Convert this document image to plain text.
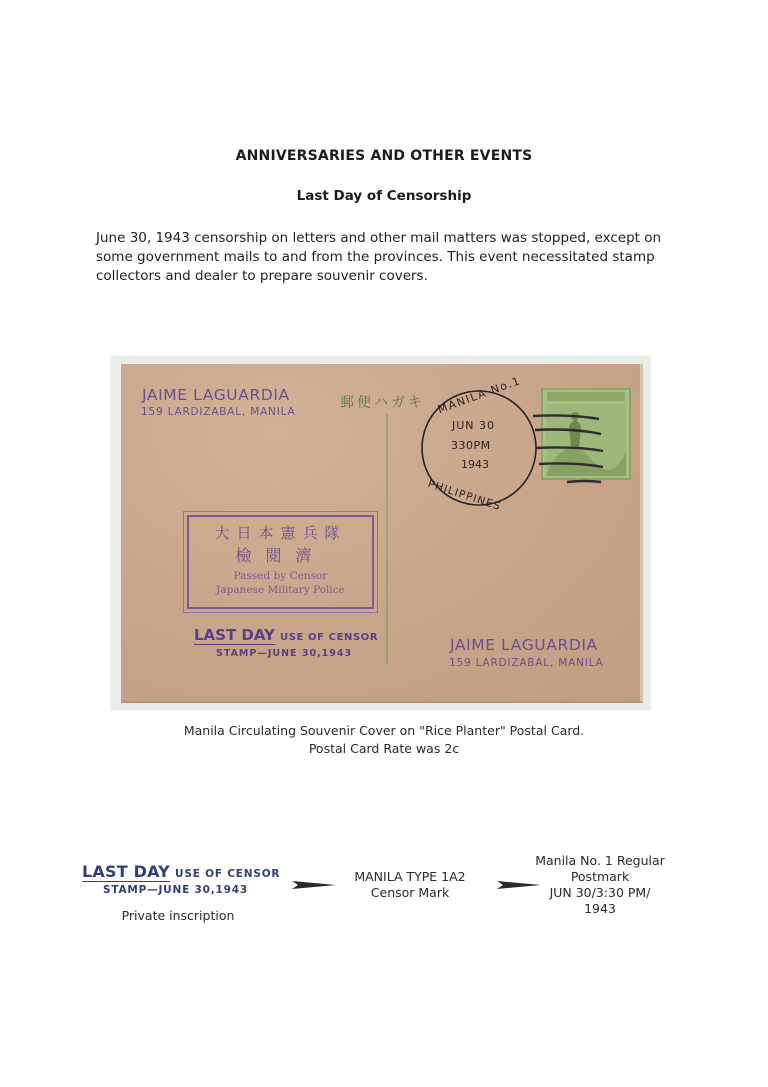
ANNIVERSARIES AND OTHER EVENTS
Last Day of Censorship
June 30, 1943 censorship on letters and other mail matters was stopped, except on some government mails to and from the provinces. This event necessitated stamp collectors and dealer to prepare souvenir covers.
JAIME LAGUARDIA
159 LARDIZABAL, MANILA
郵便ハガキ MANILA No.1
JUN 30
330PM
1943
PHILIPPINES
大日本憲兵隊
檢閲濟
Passed by Censor
Japanese Military Police
LAST DAY USE OF CENSOR
STAMP—JUNE 30,1943	JAIME LAGUARDIA
159 LARDIZABAL, MANILA
Manila Circulating Souvenir Cover on "Rice Planter" Postal Card.
Postal Card Rate was 2c
LAST DAY USE OF CENSOR
STAMP—JUNE 30,1943
Private inscription
MANILA TYPE 1A2
Censor Mark
Manila No. 1 Regular
Postmark
JUN 30/3:30 PM/
1943
